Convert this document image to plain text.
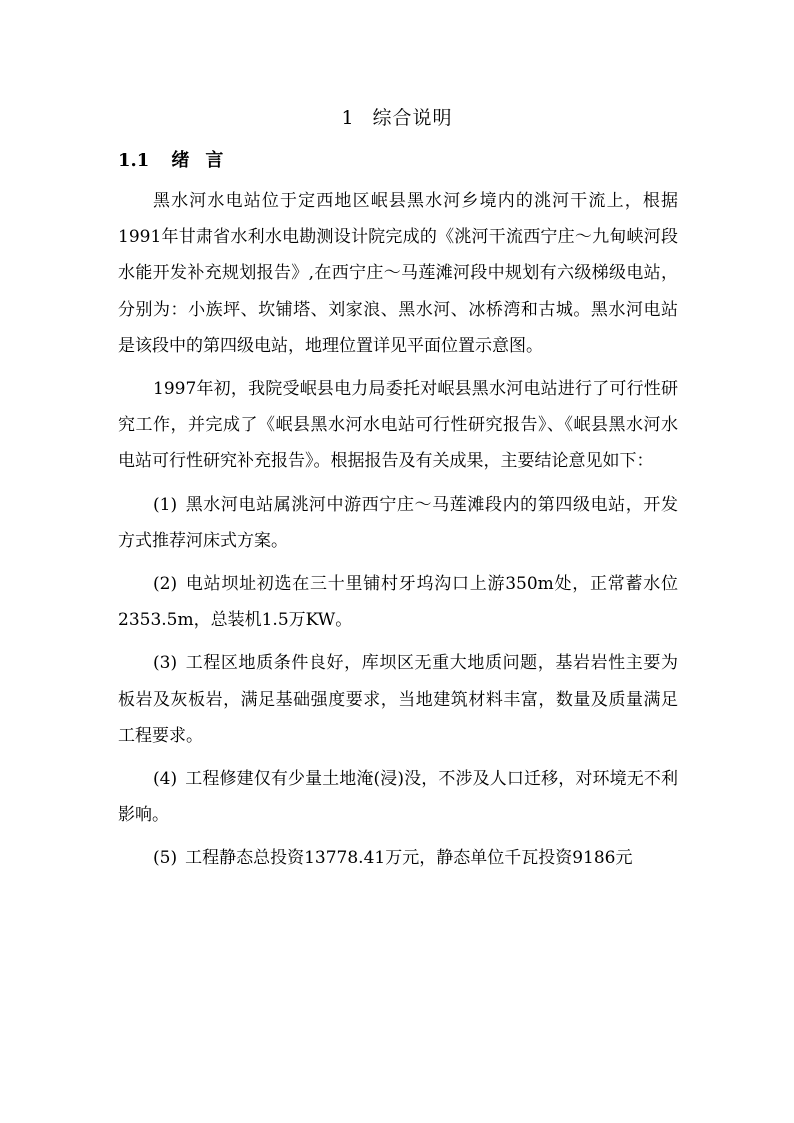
1 综合说明
1.1 绪言

黑水河水电站位于定西地区岷县黑水河乡境内的洮河干流上，根据1991年甘肃省水利水电勘测设计院完成的《洮河干流西宁庄～九甸峡河段水能开发补充规划报告》,在西宁庄～马莲滩河段中规划有六级梯级电站，分别为：小族坪、坎铺塔、刘家浪、黑水河、冰桥湾和古城。黑水河电站是该段中的第四级电站，地理位置详见平面位置示意图。

1997年初，我院受岷县电力局委托对岷县黑水河电站进行了可行性研究工作，并完成了《岷县黑水河水电站可行性研究报告》、《岷县黑水河水电站可行性研究补充报告》。根据报告及有关成果，主要结论意见如下：

(1) 黑水河电站属洮河中游西宁庄～马莲滩段内的第四级电站，开发方式推荐河床式方案。

(2) 电站坝址初选在三十里铺村牙坞沟口上游350m处，正常蓄水位2353.5m，总装机1.5万KW。

(3) 工程区地质条件良好，库坝区无重大地质问题，基岩岩性主要为板岩及灰板岩，满足基础强度要求，当地建筑材料丰富，数量及质量满足工程要求。

(4) 工程修建仅有少量土地淹(浸)没，不涉及人口迁移，对环境无不利影响。

(5) 工程静态总投资13778.41万元，静态单位千瓦投资9186元
